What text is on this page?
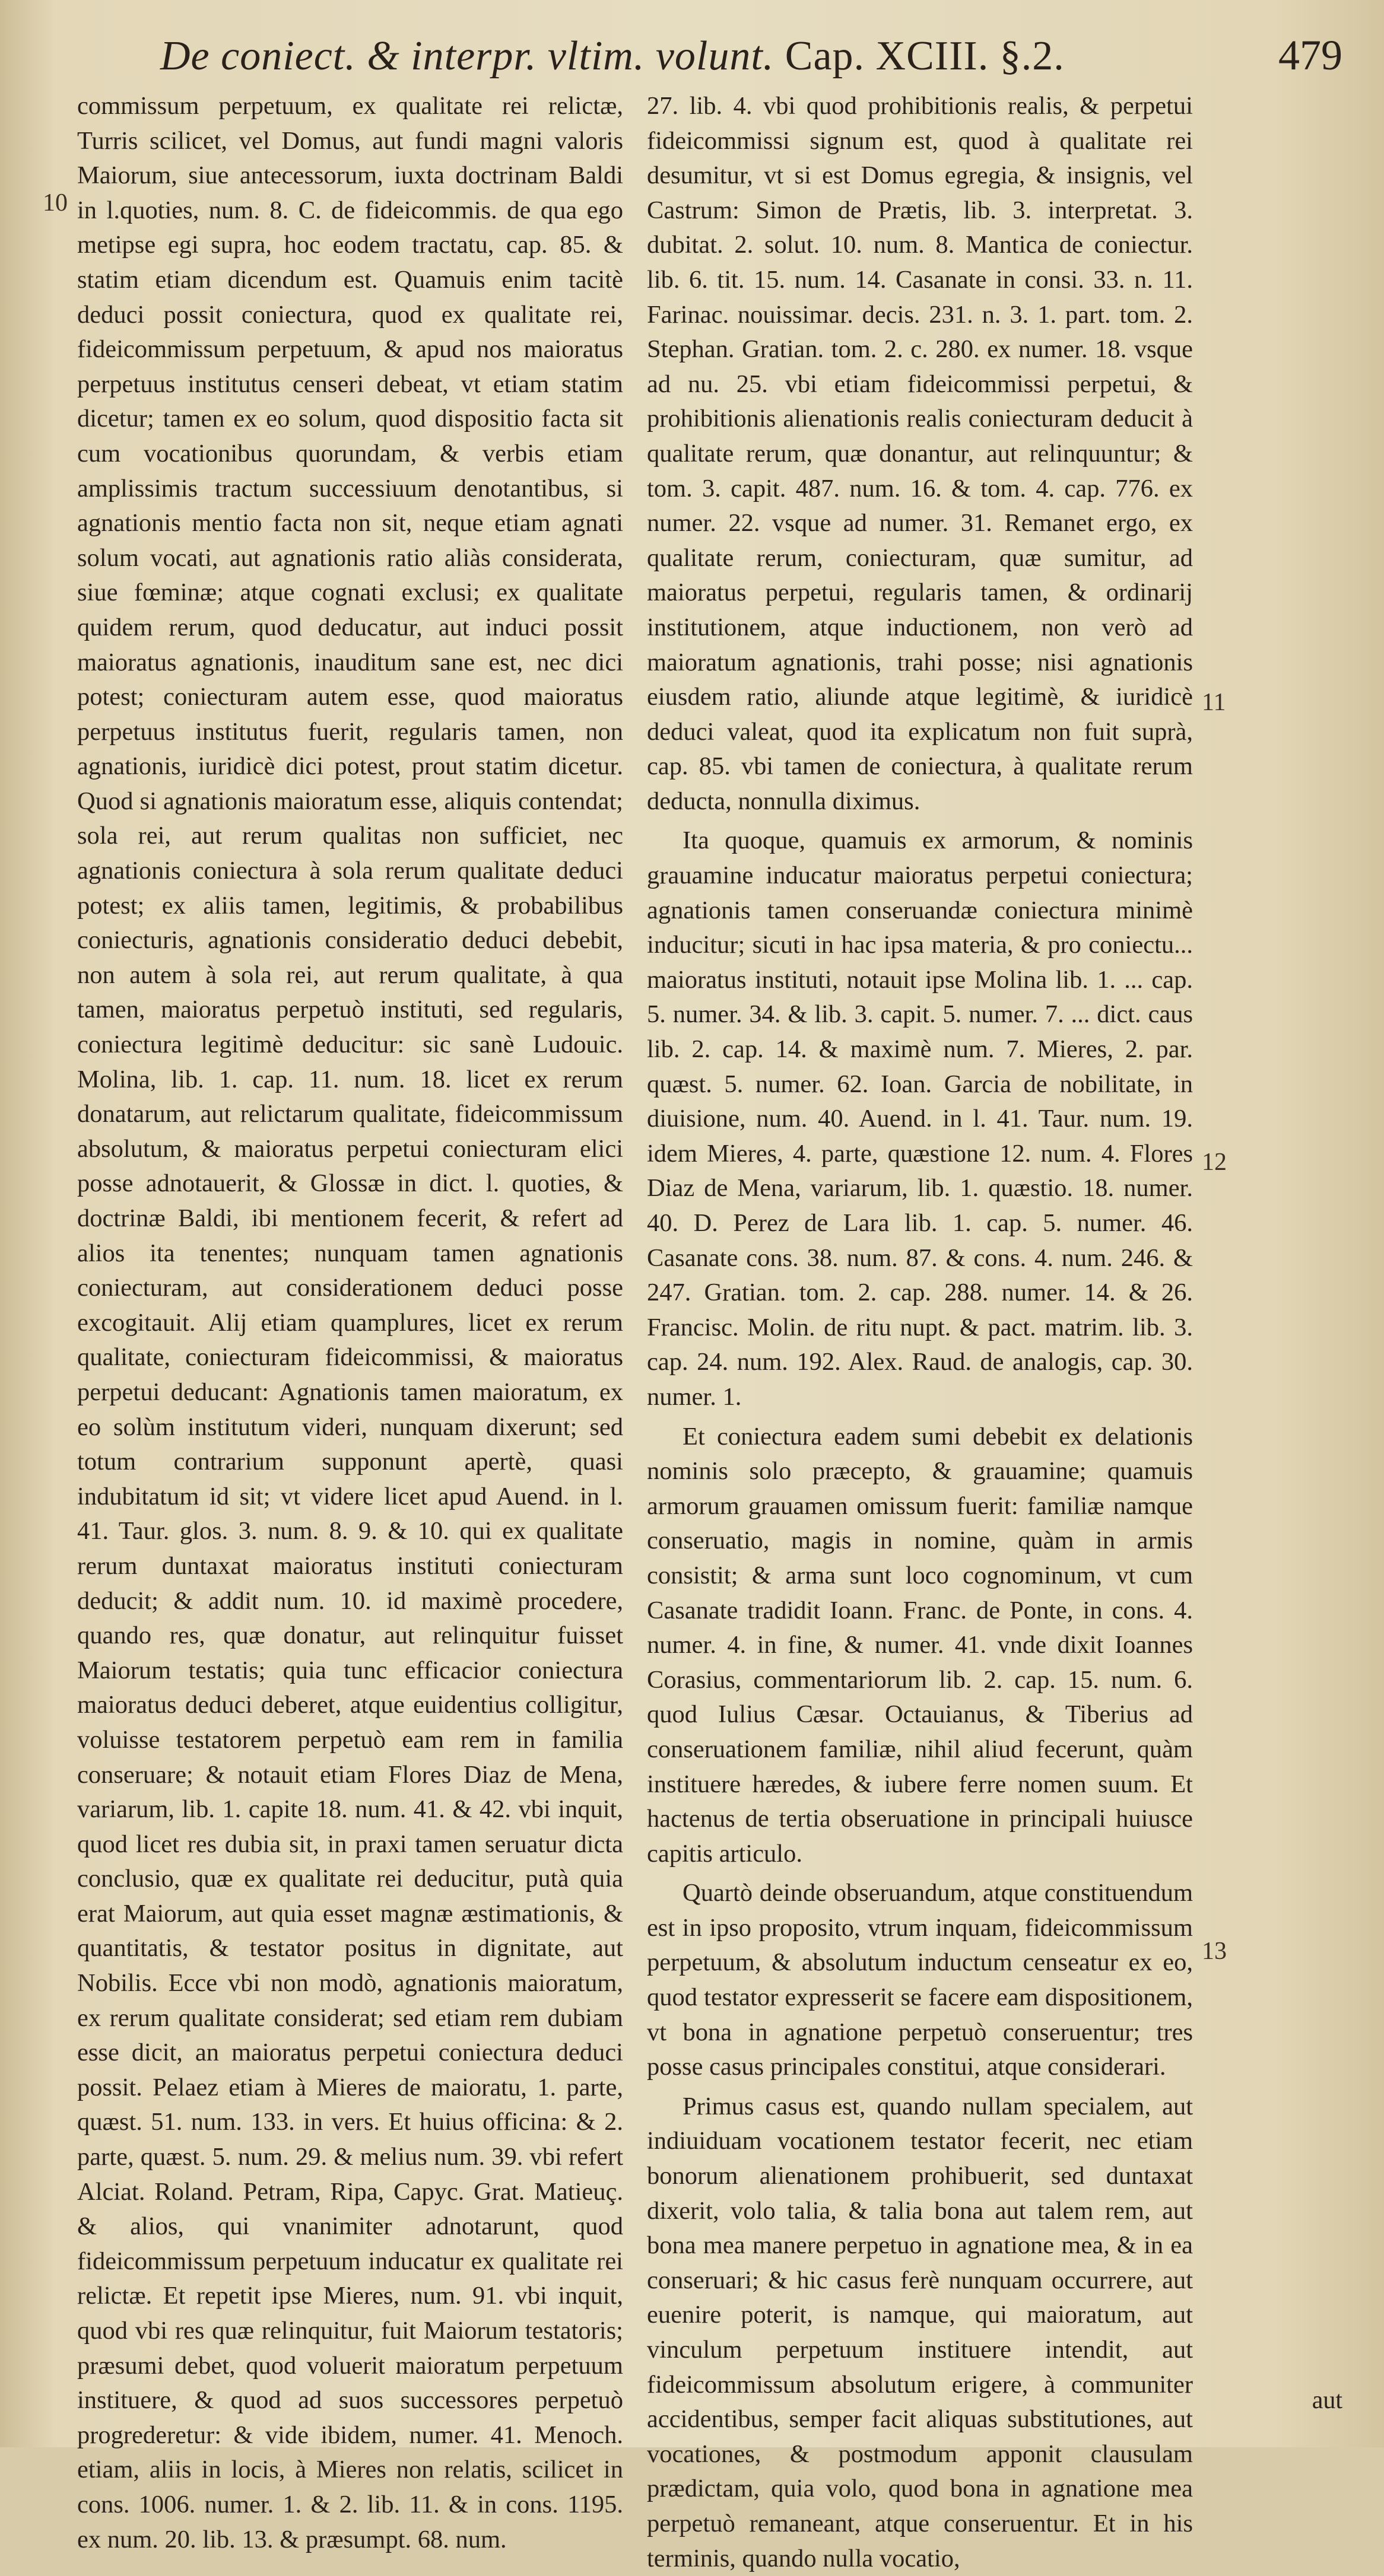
De coniect. & interpr. vltim. volunt. Cap. XCIII. §.2.	479
10
11
12
13

commissum perpetuum, ex qualitate rei relictæ, Turris scilicet, vel Domus, aut fundi magni valoris Maiorum, siue antecessorum, iuxta doctrinam Baldi in l.quoties, num. 8. C. de fideicommis. de qua ego metipse egi supra, hoc eodem tractatu, cap. 85. & statim etiam dicendum est. Quamuis enim tacitè deduci possit coniectura, quod ex qualitate rei, fideicommissum perpetuum, & apud nos maioratus perpetuus institutus censeri debeat, vt etiam statim dicetur; tamen ex eo solum, quod dispositio facta sit cum vocationibus quorundam, & verbis etiam amplissimis tractum successiuum denotantibus, si agnationis mentio facta non sit, neque etiam agnati solum vocati, aut agnationis ratio aliàs considerata, siue fœminæ; atque cognati exclusi; ex qualitate quidem rerum, quod deducatur, aut induci possit maioratus agnationis, inauditum sane est, nec dici potest; coniecturam autem esse, quod maioratus perpetuus institutus fuerit, regularis tamen, non agnationis, iuridicè dici potest, prout statim dicetur. Quod si agnationis maioratum esse, aliquis contendat; sola rei, aut rerum qualitas non sufficiet, nec agnationis coniectura à sola rerum qualitate deduci potest; ex aliis tamen, legitimis, & probabilibus coniecturis, agnationis consideratio deduci debebit, non autem à sola rei, aut rerum qualitate, à qua tamen, maioratus perpetuò instituti, sed regularis, coniectura legitimè deducitur: sic sanè Ludouic. Molina, lib. 1. cap. 11. num. 18. licet ex rerum donatarum, aut relictarum qualitate, fideicommissum absolutum, & maioratus perpetui coniecturam elici posse adnotauerit, & Glossæ in dict. l. quoties, & doctrinæ Baldi, ibi mentionem fecerit, & refert ad alios ita tenentes; nunquam tamen agnationis coniecturam, aut considerationem deduci posse excogitauit. Alij etiam quamplures, licet ex rerum qualitate, coniecturam fideicommissi, & maioratus perpetui deducant: Agnationis tamen maioratum, ex eo solùm institutum videri, nunquam dixerunt; sed totum contrarium supponunt apertè, quasi indubitatum id sit; vt videre licet apud Auend. in l. 41. Taur. glos. 3. num. 8. 9. & 10. qui ex qualitate rerum duntaxat maioratus instituti coniecturam deducit; & addit num. 10. id maximè procedere, quando res, quæ donatur, aut relinquitur fuisset Maiorum testatis; quia tunc efficacior coniectura maioratus deduci deberet, atque euidentius colligitur, voluisse testatorem perpetuò eam rem in familia conseruare; & notauit etiam Flores Diaz de Mena, variarum, lib. 1. capite 18. num. 41. & 42. vbi inquit, quod licet res dubia sit, in praxi tamen seruatur dicta conclusio, quæ ex qualitate rei deducitur, putà quia erat Maiorum, aut quia esset magnæ æstimationis, & quantitatis, & testator positus in dignitate, aut Nobilis. Ecce vbi non modò, agnationis maioratum, ex rerum qualitate considerat; sed etiam rem dubiam esse dicit, an maioratus perpetui coniectura deduci possit. Pelaez etiam à Mieres de maioratu, 1. parte, quæst. 51. num. 133. in vers. Et huius officina: & 2. parte, quæst. 5. num. 29. & melius num. 39. vbi refert Alciat. Roland. Petram, Ripa, Capyc. Grat. Matieuç. & alios, qui vnanimiter adnotarunt, quod fideicommissum perpetuum inducatur ex qualitate rei relictæ. Et repetit ipse Mieres, num. 91. vbi inquit, quod vbi res quæ relinquitur, fuit Maiorum testatoris; præsumi debet, quod voluerit maioratum perpetuum instituere, & quod ad suos successores perpetuò progrederetur: & vide ibidem, numer. 41. Menoch. etiam, aliis in locis, à Mieres non relatis, scilicet in cons. 1006. numer. 1. & 2. lib. 11. & in cons. 1195. ex num. 20. lib. 13. & præsumpt. 68. num.

27. lib. 4. vbi quod prohibitionis realis, & perpetui fideicommissi signum est, quod à qualitate rei desumitur, vt si est Domus egregia, & insignis, vel Castrum: Simon de Prætis, lib. 3. interpretat. 3. dubitat. 2. solut. 10. num. 8. Mantica de coniectur. lib. 6. tit. 15. num. 14. Casanate in consi. 33. n. 11. Farinac. nouissimar. decis. 231. n. 3. 1. part. tom. 2. Stephan. Gratian. tom. 2. c. 280. ex numer. 18. vsque ad nu. 25. vbi etiam fideicommissi perpetui, & prohibitionis alienationis realis coniecturam deducit à qualitate rerum, quæ donantur, aut relinquuntur; & tom. 3. capit. 487. num. 16. & tom. 4. cap. 776. ex numer. 22. vsque ad numer. 31. Remanet ergo, ex qualitate rerum, coniecturam, quæ sumitur, ad maioratus perpetui, regularis tamen, & ordinarij institutionem, atque inductionem, non verò ad maioratum agnationis, trahi posse; nisi agnationis eiusdem ratio, aliunde atque legitimè, & iuridicè deduci valeat, quod ita explicatum non fuit suprà, cap. 85. vbi tamen de coniectura, à qualitate rerum deducta, nonnulla diximus.

Ita quoque, quamuis ex armorum, & nominis grauamine inducatur maioratus perpetui coniectura; agnationis tamen conseruandæ coniectura minimè inducitur; sicuti in hac ipsa materia, & pro coniectu... maioratus instituti, notauit ipse Molina lib. 1. ... cap. 5. numer. 34. & lib. 3. capit. 5. numer. 7. ... dict. caus lib. 2. cap. 14. & maximè num. 7. Mieres, 2. par. quæst. 5. numer. 62. Ioan. Garcia de nobilitate, in diuisione, num. 40. Auend. in l. 41. Taur. num. 19. idem Mieres, 4. parte, quæstione 12. num. 4. Flores Diaz de Mena, variarum, lib. 1. quæstio. 18. numer. 40. D. Perez de Lara lib. 1. cap. 5. numer. 46. Casanate cons. 38. num. 87. & cons. 4. num. 246. & 247. Gratian. tom. 2. cap. 288. numer. 14. & 26. Francisc. Molin. de ritu nupt. & pact. matrim. lib. 3. cap. 24. num. 192. Alex. Raud. de analogis, cap. 30. numer. 1.

Et coniectura eadem sumi debebit ex delationis nominis solo præcepto, & grauamine; quamuis armorum grauamen omissum fuerit: familiæ namque conseruatio, magis in nomine, quàm in armis consistit; & arma sunt loco cognominum, vt cum Casanate tradidit Ioann. Franc. de Ponte, in cons. 4. numer. 4. in fine, & numer. 41. vnde dixit Ioannes Corasius, commentariorum lib. 2. cap. 15. num. 6. quod Iulius Cæsar. Octauianus, & Tiberius ad conseruationem familiæ, nihil aliud fecerunt, quàm instituere hæredes, & iubere ferre nomen suum. Et hactenus de tertia obseruatione in principali huiusce capitis articulo.

Quartò deinde obseruandum, atque constituendum est in ipso proposito, vtrum inquam, fideicommissum perpetuum, & absolutum inductum censeatur ex eo, quod testator expresserit se facere eam dispositionem, vt bona in agnatione perpetuò conseruentur; tres posse casus principales constitui, atque considerari.

Primus casus est, quando nullam specialem, aut indiuiduam vocationem testator fecerit, nec etiam bonorum alienationem prohibuerit, sed duntaxat dixerit, volo talia, & talia bona aut talem rem, aut bona mea manere perpetuo in agnatione mea, & in ea conseruari; & hic casus ferè nunquam occurrere, aut euenire poterit, is namque, qui maioratum, aut vinculum perpetuum instituere intendit, aut fideicommissum absolutum erigere, à communiter accidentibus, semper facit aliquas substitutiones, aut vocationes, & postmodum apponit clausulam prædictam, quia volo, quod bona in agnatione mea perpetuò remaneant, atque conseruentur. Et in his terminis, quando nulla vocatio,

aut
